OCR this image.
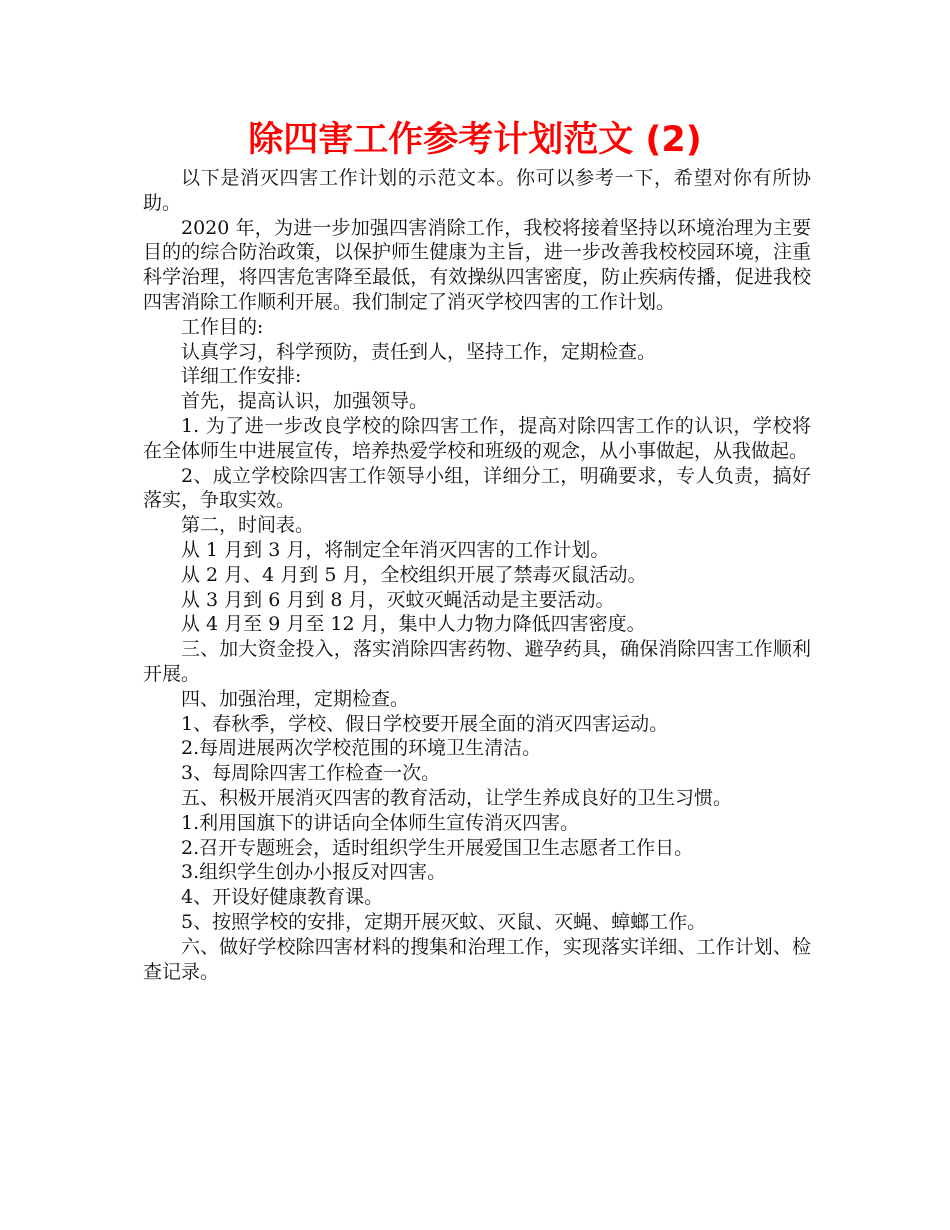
除四害工作参考计划范文 (2)

以下是消灭四害工作计划的示范文本。你可以参考一下，希望对你有所协助。

2020 年，为进一步加强四害消除工作，我校将接着坚持以环境治理为主要目的的综合防治政策，以保护师生健康为主旨，进一步改善我校校园环境，注重科学治理，将四害危害降至最低，有效操纵四害密度，防止疾病传播，促进我校四害消除工作顺利开展。我们制定了消灭学校四害的工作计划。

工作目的:

认真学习，科学预防，责任到人，坚持工作，定期检查。

详细工作安排:

首先，提高认识，加强领导。

1. 为了进一步改良学校的除四害工作，提高对除四害工作的认识，学校将在全体师生中进展宣传，培养热爱学校和班级的观念，从小事做起，从我做起。

2、成立学校除四害工作领导小组，详细分工，明确要求，专人负责，搞好落实，争取实效。

第二，时间表。

从 1 月到 3 月，将制定全年消灭四害的工作计划。

从 2 月、4 月到 5 月，全校组织开展了禁毒灭鼠活动。

从 3 月到 6 月到 8 月，灭蚊灭蝇活动是主要活动。

从 4 月至 9 月至 12 月，集中人力物力降低四害密度。

三、加大资金投入，落实消除四害药物、避孕药具，确保消除四害工作顺利开展。

四、加强治理，定期检查。

1、春秋季，学校、假日学校要开展全面的消灭四害运动。

2.每周进展两次学校范围的环境卫生清洁。

3、每周除四害工作检查一次。

五、积极开展消灭四害的教育活动，让学生养成良好的卫生习惯。

1.利用国旗下的讲话向全体师生宣传消灭四害。

2.召开专题班会，适时组织学生开展爱国卫生志愿者工作日。

3.组织学生创办小报反对四害。

4、开设好健康教育课。

5、按照学校的安排，定期开展灭蚊、灭鼠、灭蝇、蟑螂工作。

六、做好学校除四害材料的搜集和治理工作，实现落实详细、工作计划、检查记录。
